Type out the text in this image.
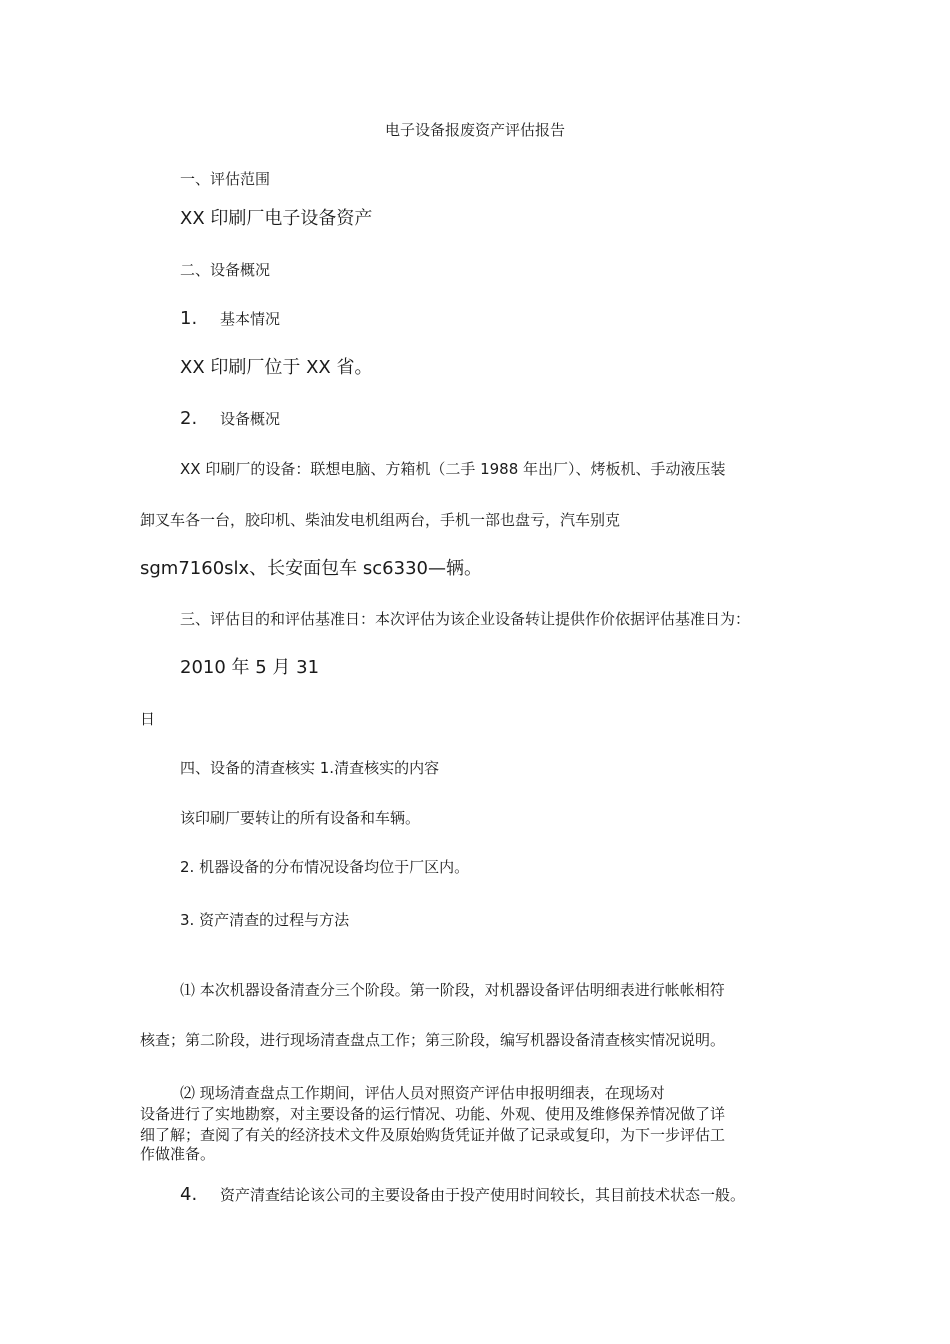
电子设备报废资产评估报告
一、评估范围
XX 印刷厂电子设备资产
二、设备概况
1. 基本情况
XX 印刷厂位于 XX 省。
2. 设备概况
XX 印刷厂的设备：联想电脑、方箱机（二手 1988 年出厂）、烤板机、手动液压装
卸叉车各一台，胶印机、柴油发电机组两台，手机一部也盘亏，汽车别克
sgm7160slx、长安面包车 sc6330—辆。
三、评估目的和评估基准日：本次评估为该企业设备转让提供作价依据评估基准日为：
2010 年 5 月 31
日
四、设备的清查核实 1.清查核实的内容
该印刷厂要转让的所有设备和车辆。
2. 机器设备的分布情况设备均位于厂区内。
3. 资产清查的过程与方法
⑴ 本次机器设备清查分三个阶段。第一阶段，对机器设备评估明细表进行帐帐相符
核查；第二阶段，进行现场清查盘点工作；第三阶段，编写机器设备清查核实情况说明。
⑵ 现场清查盘点工作期间，评估人员对照资产评估申报明细表，在现场对
设备进行了实地勘察，对主要设备的运行情况、功能、外观、使用及维修保养情况做了详
细了解；查阅了有关的经济技术文件及原始购货凭证并做了记录或复印，为下一步评估工
作做准备。
4. 资产清查结论该公司的主要设备由于投产使用时间较长，其目前技术状态一般。
